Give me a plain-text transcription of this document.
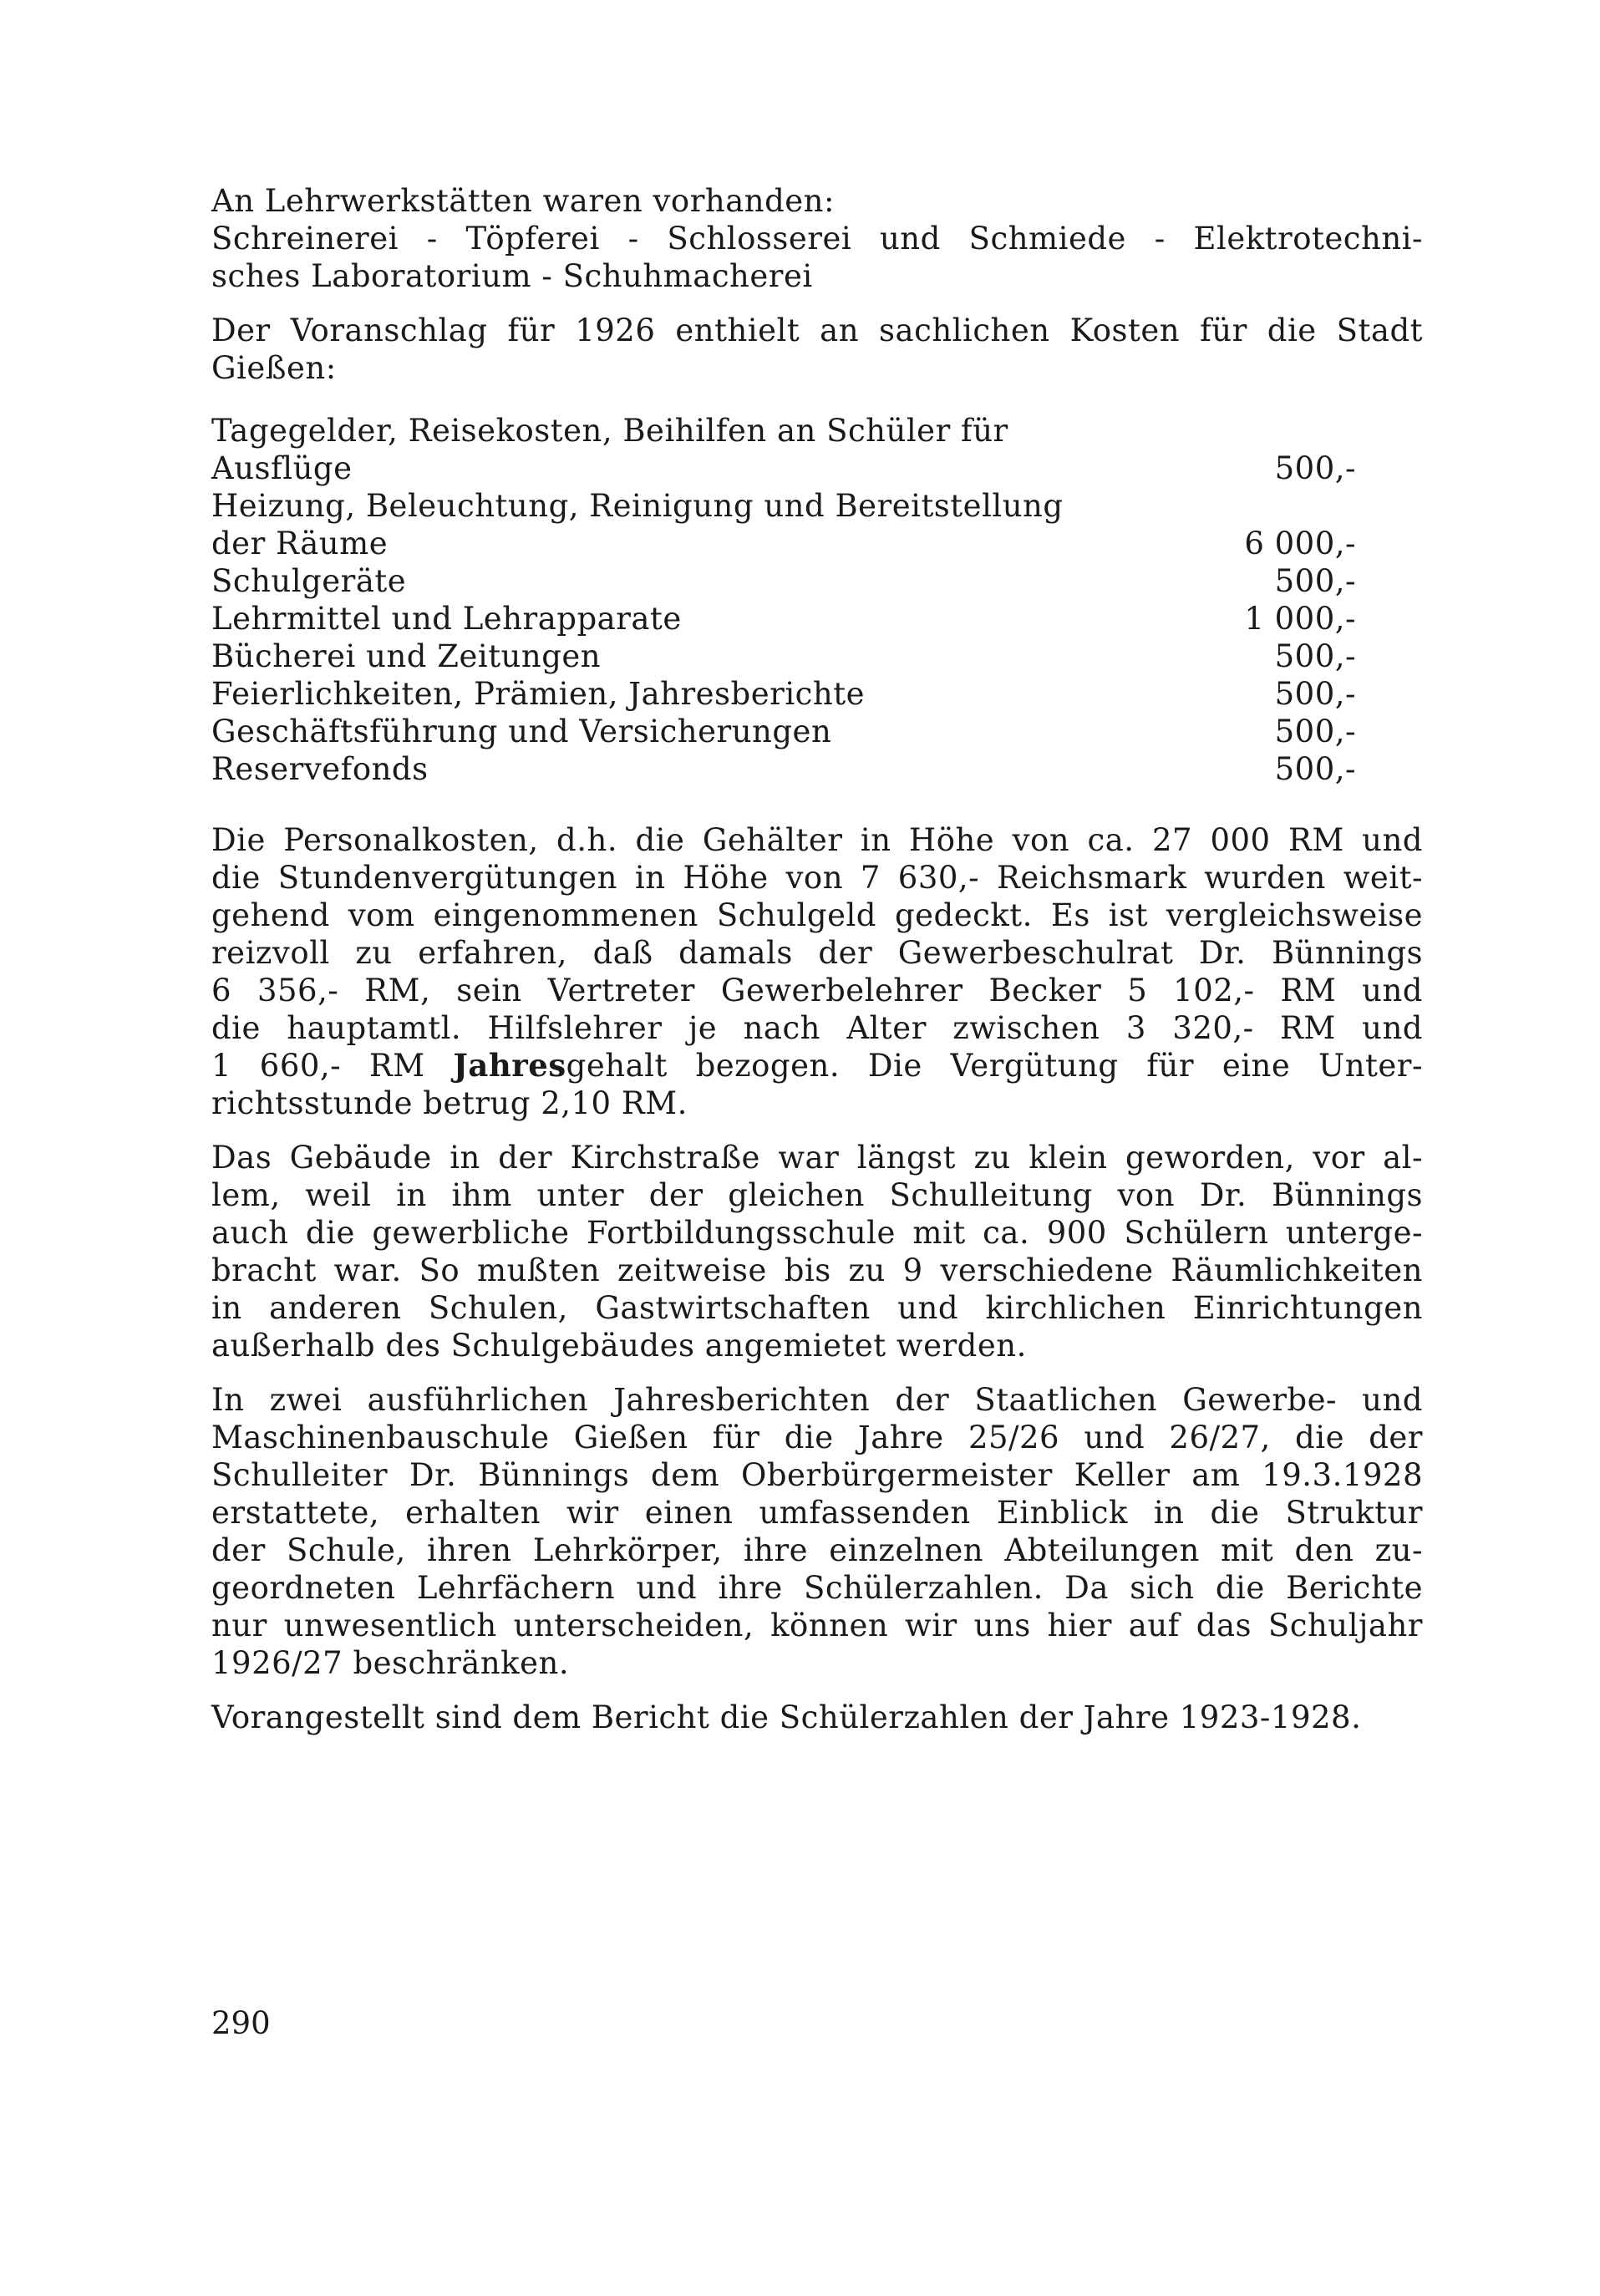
An Lehrwerkstätten waren vorhanden:
Schreinerei - Töpferei - Schlosserei und Schmiede - Elektrotechni-
sches Laboratorium - Schuhmacherei
Der Voranschlag für 1926 enthielt an sachlichen Kosten für die Stadt
Gießen:
Tagegelder, Reisekosten, Beihilfen an Schüler für
Ausflüge	500,-
Heizung, Beleuchtung, Reinigung und Bereitstellung
der Räume	6 000,-
Schulgeräte	500,-
Lehrmittel und Lehrapparate	1 000,-
Bücherei und Zeitungen	500,-
Feierlichkeiten, Prämien, Jahresberichte	500,-
Geschäftsführung und Versicherungen	500,-
Reservefonds	500,-
Die Personalkosten, d.h. die Gehälter in Höhe von ca. 27 000 RM und
die Stundenvergütungen in Höhe von 7 630,- Reichsmark wurden weit-
gehend vom eingenommenen Schulgeld gedeckt. Es ist vergleichsweise
reizvoll zu erfahren, daß damals der Gewerbeschulrat Dr. Bünnings
6 356,- RM, sein Vertreter Gewerbelehrer Becker 5 102,- RM und
die hauptamtl. Hilfslehrer je nach Alter zwischen 3 320,- RM und
1 660,- RM Jahresgehalt bezogen. Die Vergütung für eine Unter-
richtsstunde betrug 2,10 RM.
Das Gebäude in der Kirchstraße war längst zu klein geworden, vor al-
lem, weil in ihm unter der gleichen Schulleitung von Dr. Bünnings
auch die gewerbliche Fortbildungsschule mit ca. 900 Schülern unterge-
bracht war. So mußten zeitweise bis zu 9 verschiedene Räumlichkeiten
in anderen Schulen, Gastwirtschaften und kirchlichen Einrichtungen
außerhalb des Schulgebäudes angemietet werden.
In zwei ausführlichen Jahresberichten der Staatlichen Gewerbe- und
Maschinenbauschule Gießen für die Jahre 25/26 und 26/27, die der
Schulleiter Dr. Bünnings dem Oberbürgermeister Keller am 19.3.1928
erstattete, erhalten wir einen umfassenden Einblick in die Struktur
der Schule, ihren Lehrkörper, ihre einzelnen Abteilungen mit den zu-
geordneten Lehrfächern und ihre Schülerzahlen. Da sich die Berichte
nur unwesentlich unterscheiden, können wir uns hier auf das Schuljahr
1926/27 beschränken.
Vorangestellt sind dem Bericht die Schülerzahlen der Jahre 1923-1928.
290
